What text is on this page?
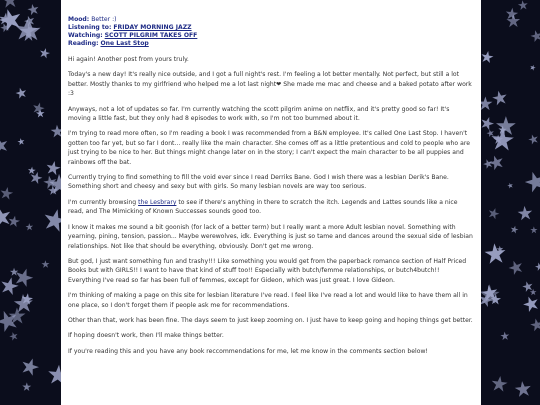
Mood: Better :)
Listening to: FRIDAY MORNING JAZZ
Watching: SCOTT PILGRIM TAKES OFF
Reading: One Last Stop

Hi again! Another post from yours truly.

Today's a new day! It's really nice outside, and I got a full night's rest. I'm feeling a lot better mentally. Not perfect, but still a lot better. Mostly thanks to my girlfriend who helped me a lot last night❤ She made me mac and cheese and a baked potato after work :3

Anyways, not a lot of updates so far. I'm currently watching the scott pilgrim anime on netflix, and it's pretty good so far! It's moving a little fast, but they only had 8 episodes to work with, so I'm not too bummed about it.

I'm trying to read more often, so I'm reading a book I was recommended from a B&N employee. It's called One Last Stop. I haven't gotten too far yet, but so far I dont... really like the main character. She comes off as a little pretentious and cold to people who are just trying to be nice to her. But things might change later on in the story; I can't expect the main character to be all puppies and rainbows off the bat.

Currently trying to find something to fill the void ever since I read Derriks Bane. God I wish there was a lesbian Derik's Bane. Something short and cheesy and sexy but with girls. So many lesbian novels are way too serious.

I'm currently browsing the Lesbrary to see if there's anything in there to scratch the itch. Legends and Lattes sounds like a nice read, and The Mimicking of Known Successes sounds good too.

I know it makes me sound a bit goonish (for lack of a better term) but I really want a more Adult lesbian novel. Something with yearning, pining, tension, passion... Maybe werewolves, idk. Everything is just so tame and dances around the sexual side of lesbian relationships. Not like that should be everything, obviously. Don't get me wrong.

But god, I just want something fun and trashy!!! Like something you would get from the paperback romance section of Half Priced Books but with GIRLS!! I want to have that kind of stuff too!! Especially with butch/femme relationships, or butch4butch!! Everything I've read so far has been full of femmes, except for Gideon, which was just great. I love Gideon.

I'm thinking of making a page on this site for lesbian literature I've read. I feel like I've read a lot and would like to have them all in one place, so I don't forget them if people ask me for recommendations.

Other than that, work has been fine. The days seem to just keep zooming on. I just have to keep going and hoping things get better.

If hoping doesn't work, then I'll make things better.

If you're reading this and you have any book reccommendations for me, let me know in the comments section below!
